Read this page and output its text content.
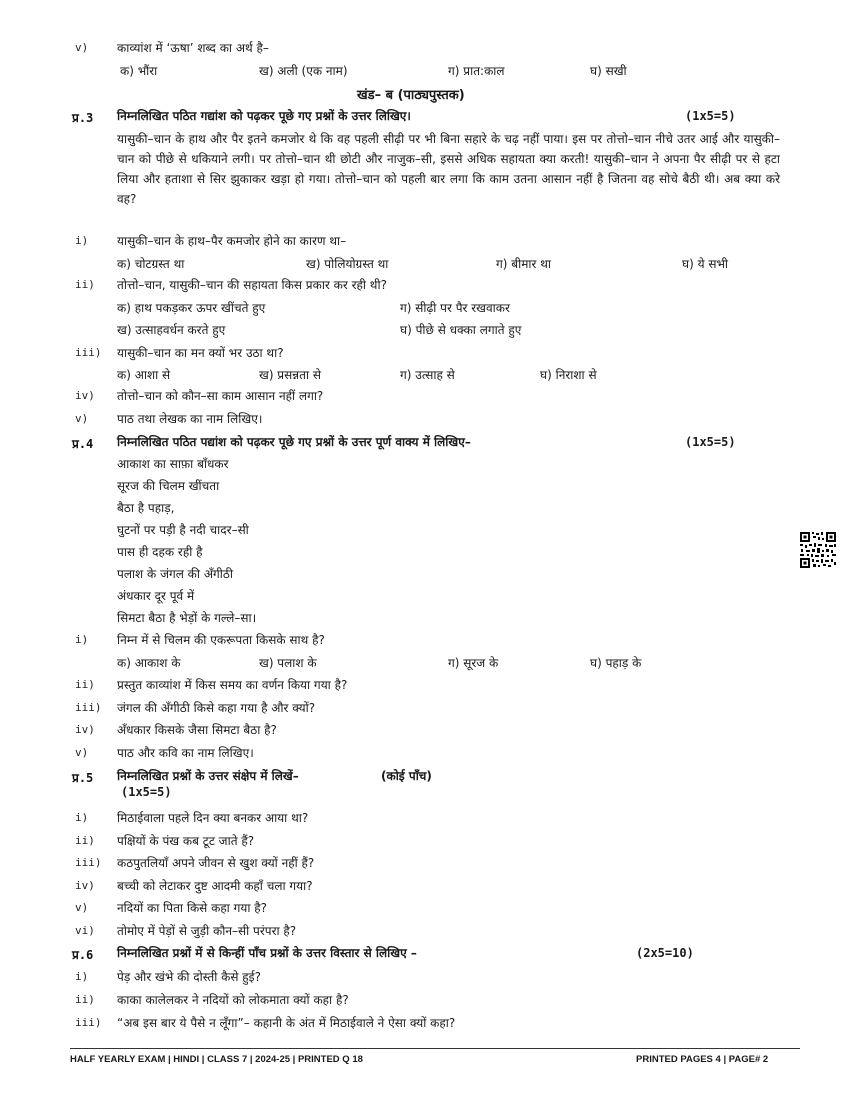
v) काव्यांश में ‘ऊषा’ शब्द का अर्थ है–
क) भौंरा	ख) अली (एक नाम)	ग) प्रात:काल	घ) सखी
खंड– ब (पाठ्यपुस्तक)
प्र.3 निम्नलिखित पठित गद्यांश को पढ़कर पूछे गए प्रश्नों के उत्तर लिखिए।	(1x5=5)
यासुकी–चान के हाथ और पैर इतने कमजोर थे कि वह पहली सीढ़ी पर भी बिना सहारे के चढ़ नहीं पाया। इस पर तोत्तो–चान नीचे उतर आई और यासुकी–चान को पीछे से धकियाने लगी। पर तोत्तो–चान थी छोटी और नाजुक–सी, इससे अधिक सहायता क्या करती! यासुकी–चान ने अपना पैर सीढ़ी पर से हटा लिया और हताशा से सिर झुकाकर खड़ा हो गया। तोत्तो–चान को पहली बार लगा कि काम उतना आसान नहीं है जितना वह सोचे बैठी थी। अब क्या करे वह?
i) यासुकी–चान के हाथ–पैर कमजोर होने का कारण था–
क) चोटग्रस्त था	ख) पोलियोग्रस्त था	ग) बीमार था	घ) ये सभी
ii) तोत्तो–चान, यासुकी–चान की सहायता किस प्रकार कर रही थी?
क) हाथ पकड़कर ऊपर खींचते हुए	ग) सीढ़ी पर पैर रखवाकर
ख) उत्साहवर्धन करते हुए	घ) पीछे से धक्का लगाते हुए
iii) यासुकी–चान का मन क्यों भर उठा था?
क) आशा से	ख) प्रसन्नता से	ग) उत्साह से	घ) निराशा से
iv) तोत्तो–चान को कौन–सा काम आसान नहीं लगा?
v) पाठ तथा लेखक का नाम लिखिए।
प्र.4 निम्नलिखित पठित पद्यांश को पढ़कर पूछे गए प्रश्नों के उत्तर पूर्ण वाक्य में लिखिए–	(1x5=5)
आकाश का साफ़ा बाँधकर
सूरज की चिलम खींचता
बैठा है पहाड़,
घुटनों पर पड़ी है नदी चादर–सी
पास ही दहक रही है
पलाश के जंगल की अँगीठी
अंधकार दूर पूर्व में
सिमटा बैठा है भेड़ों के गल्ले–सा।
i) निम्न में से चिलम की एकरूपता किसके साथ है?
क) आकाश के	ख) पलाश के	ग) सूरज के	घ) पहाड़ के
ii) प्रस्तुत काव्यांश में किस समय का वर्णन किया गया है?
iii) जंगल की अँगीठी किसे कहा गया है और क्यों?
iv) अँधकार किसके जैसा सिमटा बैठा है?
v) पाठ और कवि का नाम लिखिए।
प्र.5 निम्नलिखित प्रश्नों के उत्तर संक्षेप में लिखें–	(कोई पाँच)
(1x5=5)
i) मिठाईवाला पहले दिन क्या बनकर आया था?
ii) पक्षियों के पंख कब टूट जाते हैं?
iii) कठपुतलियाँ अपने जीवन से खुश क्यों नहीं हैं?
iv) बच्ची को लेटाकर दुष्ट आदमी कहाँ चला गया?
v) नदियों का पिता किसे कहा गया है?
vi) तोमोए में पेड़ों से जुड़ी कौन–सी परंपरा है?
प्र.6 निम्नलिखित प्रश्नों में से किन्हीं पाँच प्रश्नों के उत्तर विस्तार से लिखिए –	(2x5=10)
i) पेड़ और खंभे की दोस्ती कैसे हुई?
ii) काका कालेलकर ने नदियों को लोकमाता क्यों कहा है?
iii) “अब इस बार ये पैसे न लूँगा”– कहानी के अंत में मिठाईवाले ने ऐसा क्यों कहा?
HALF YEARLY EXAM | HINDI | CLASS 7 | 2024-25 | PRINTED Q 18	PRINTED PAGES 4 | PAGE# 2
